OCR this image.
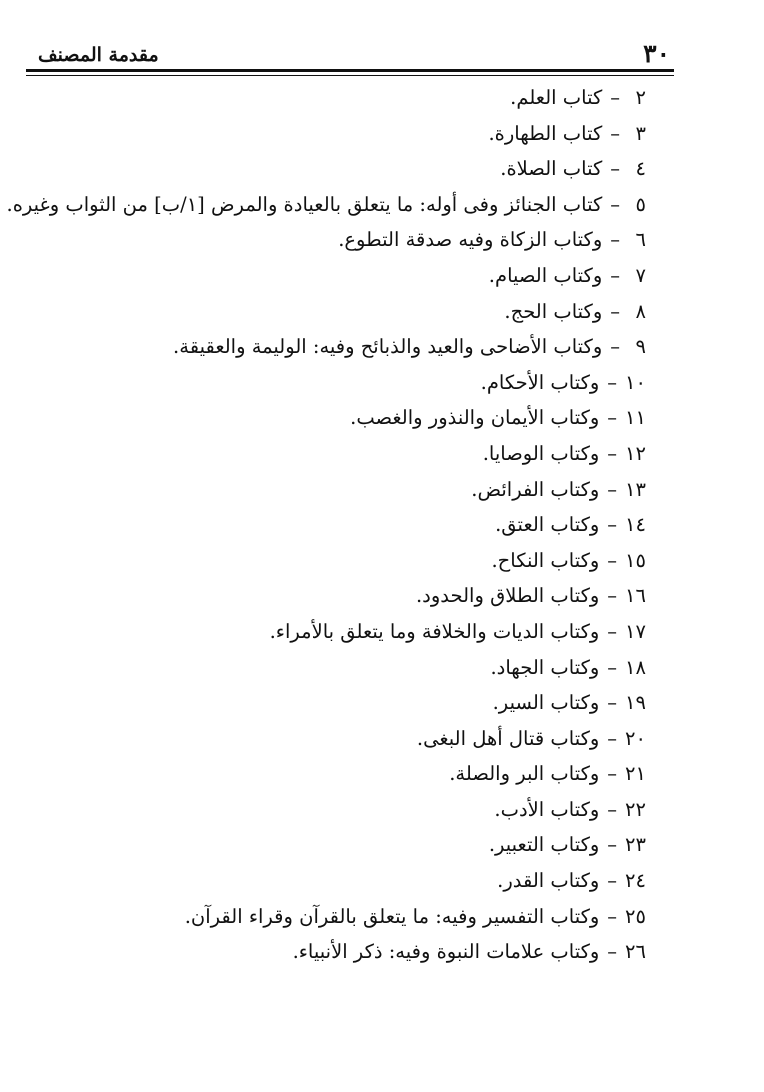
٣٠
مقدمة المصنف
٢–كتاب العلم.
٣–كتاب الطهارة.
٤–كتاب الصلاة.
٥–كتاب الجنائز وفى أوله: ما يتعلق بالعيادة والمرض [١/ب] من الثواب وغيره.
٦–وكتاب الزكاة وفيه صدقة التطوع.
٧–وكتاب الصيام.
٨–وكتاب الحج.
٩–وكتاب الأضاحى والعيد والذبائح وفيه: الوليمة والعقيقة.
١٠–وكتاب الأحكام.
١١–وكتاب الأيمان والنذور والغصب.
١٢–وكتاب الوصايا.
١٣–وكتاب الفرائض.
١٤–وكتاب العتق.
١٥–وكتاب النكاح.
١٦–وكتاب الطلاق والحدود.
١٧–وكتاب الديات والخلافة وما يتعلق بالأمراء.
١٨–وكتاب الجهاد.
١٩–وكتاب السير.
٢٠–وكتاب قتال أهل البغى.
٢١–وكتاب البر والصلة.
٢٢–وكتاب الأدب.
٢٣–وكتاب التعبير.
٢٤–وكتاب القدر.
٢٥–وكتاب التفسير وفيه: ما يتعلق بالقرآن وقراء القرآن.
٢٦–وكتاب علامات النبوة وفيه: ذكر الأنبياء.
